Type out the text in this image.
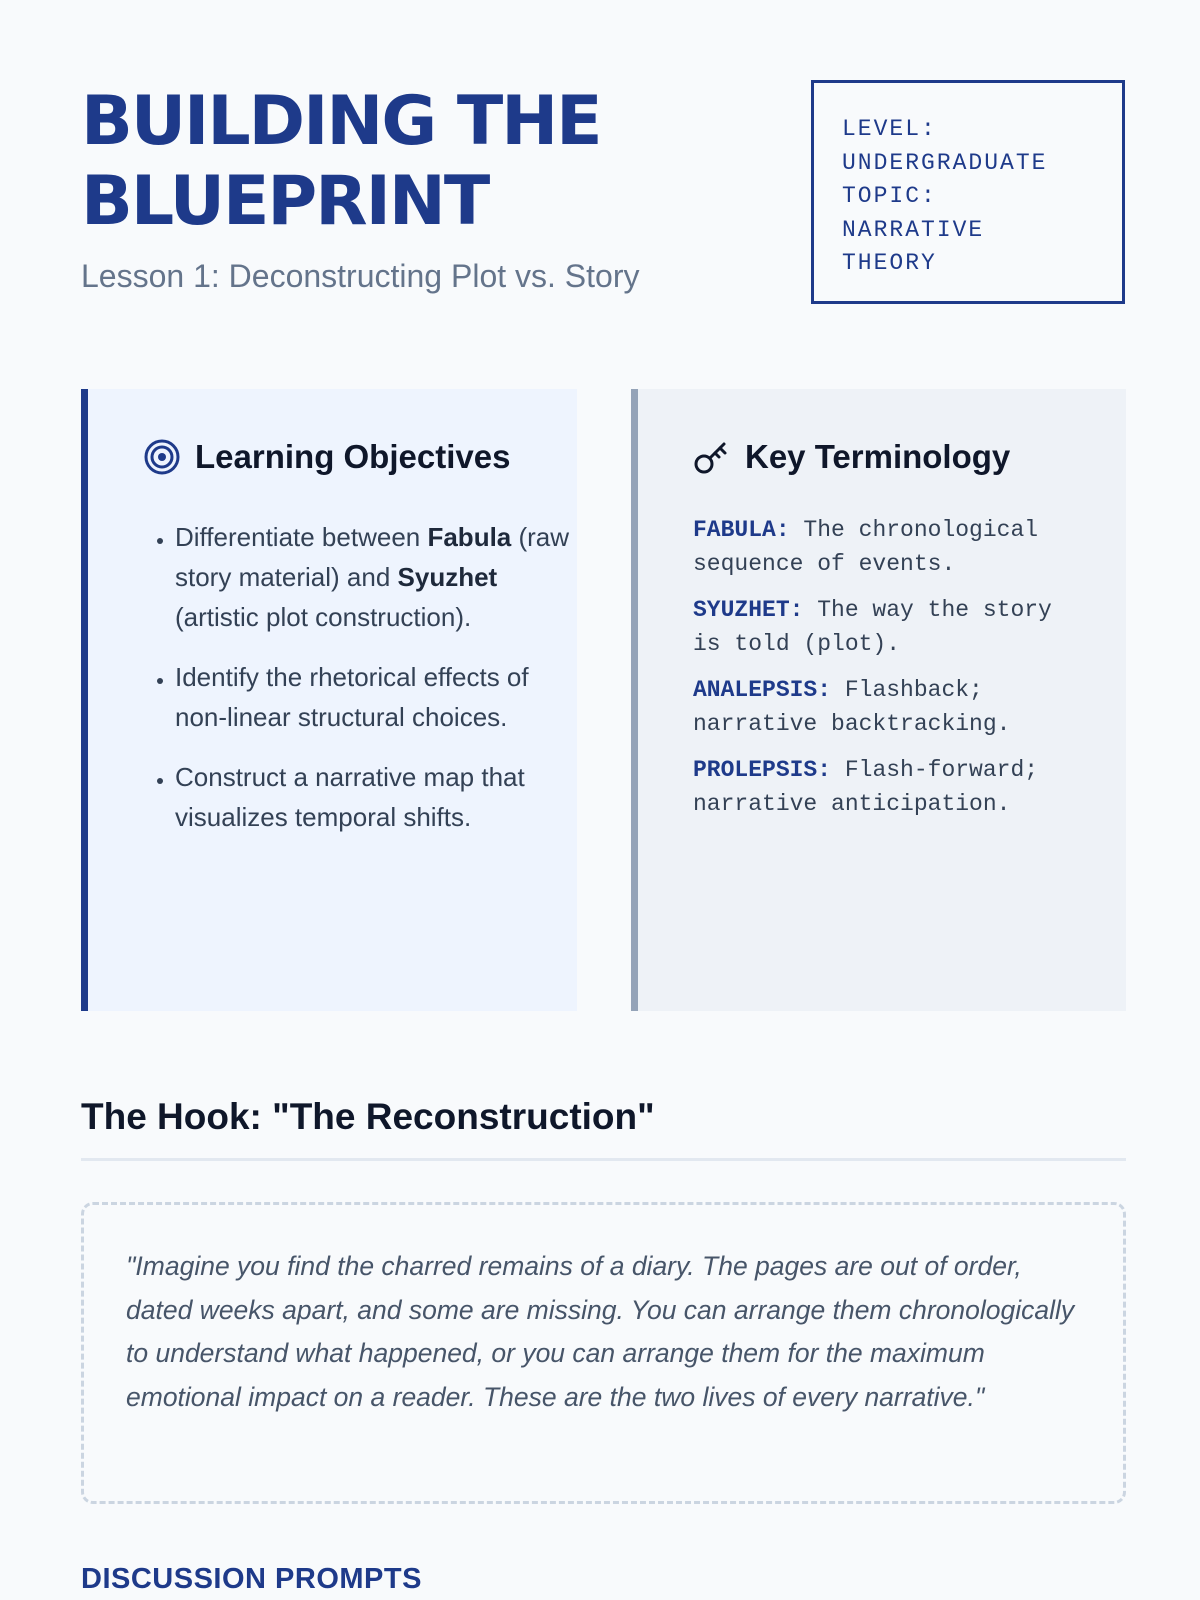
BUILDING THE
BLUEPRINT

Lesson 1: Deconstructing Plot vs. Story

LEVEL:
UNDERGRADUATE
TOPIC:
NARRATIVE
THEORY
Learning Objectives
• Differentiate between Fabula (raw story material) and Syuzhet (artistic plot construction).
• Identify the rhetorical effects of non-linear structural choices.
• Construct a narrative map that visualizes temporal shifts.
Key Terminology
FABULA: The chronological sequence of events.
SYUZHET: The way the story is told (plot).
ANALEPSIS: Flashback; narrative backtracking.
PROLEPSIS: Flash-forward; narrative anticipation.
The Hook: "The Reconstruction"

"Imagine you find the charred remains of a diary. The pages are out of order, dated weeks apart, and some are missing. You can arrange them chronologically to understand what happened, or you can arrange them for the maximum emotional impact on a reader. These are the two lives of every narrative."

DISCUSSION PROMPTS
